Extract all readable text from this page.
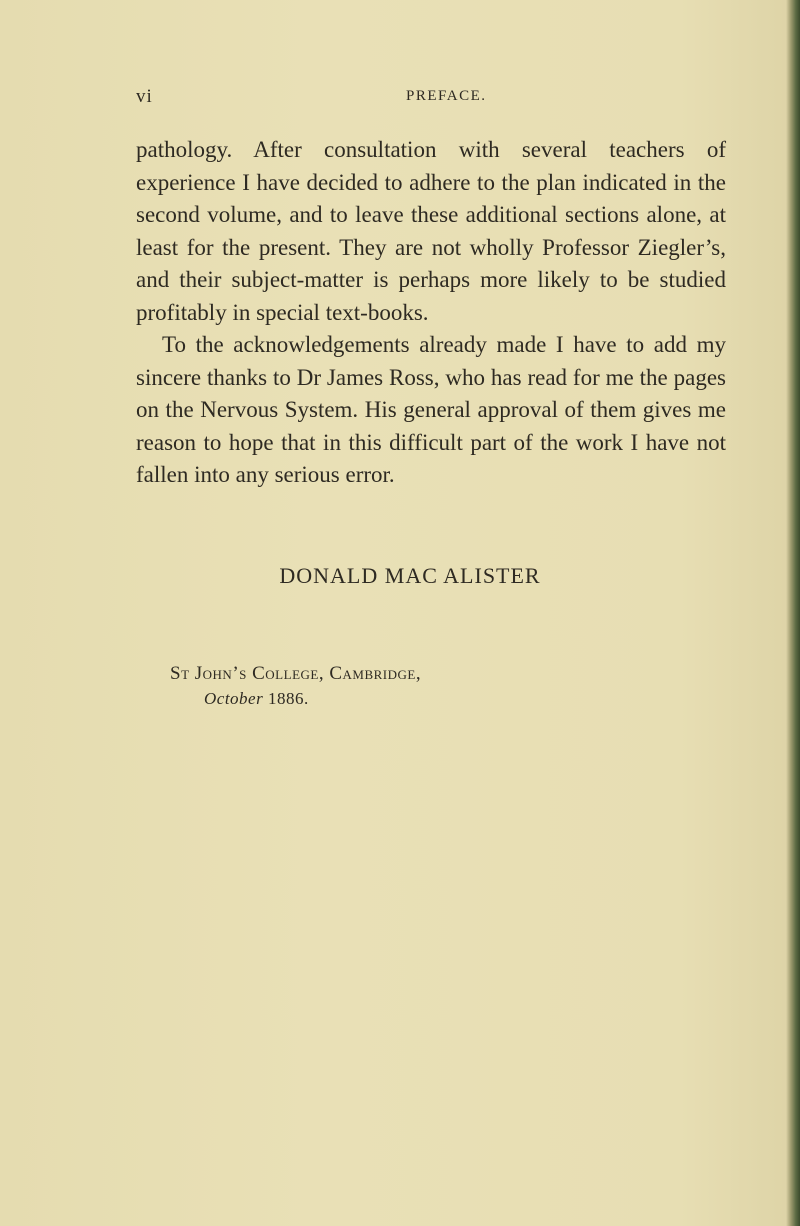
vi	PREFACE.

pathology. After consultation with several teachers of experience I have decided to adhere to the plan indicated in the second volume, and to leave these additional sections alone, at least for the present. They are not wholly Professor Ziegler’s, and their subject-matter is perhaps more likely to be studied profitably in special text-books.

To the acknowledgements already made I have to add my sincere thanks to Dr James Ross, who has read for me the pages on the Nervous System. His general approval of them gives me reason to hope that in this difficult part of the work I have not fallen into any serious error.

DONALD MAC ALISTER
St John’s College, Cambridge,
October 1886.
